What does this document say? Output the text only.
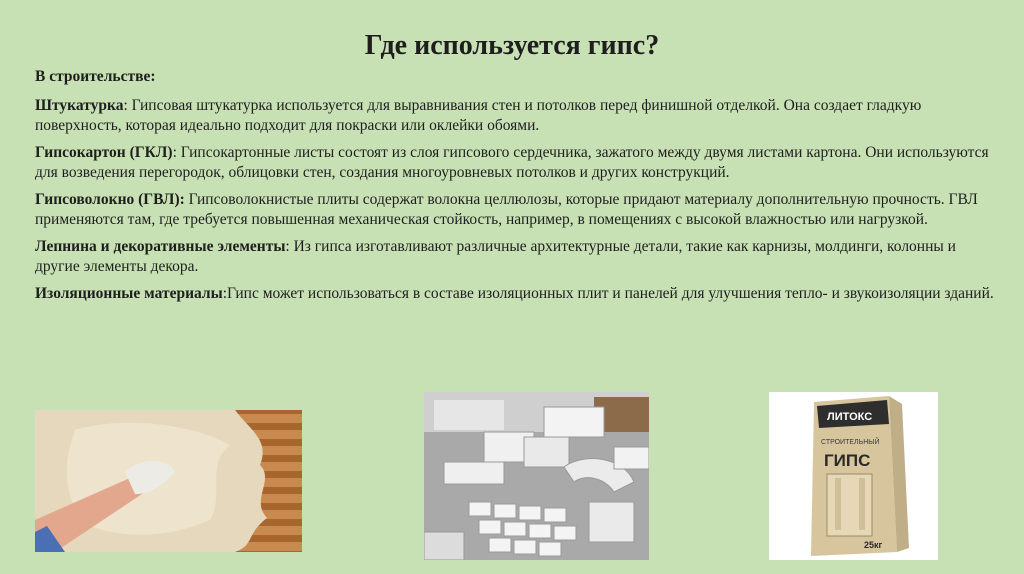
Где используется гипс?

В строительстве:

Штукатурка: Гипсовая штукатурка используется для выравнивания стен и потолков перед финишной отделкой. Она создает гладкую поверхность, которая идеально подходит для покраски или оклейки обоями.

Гипсокартон (ГКЛ): Гипсокартонные листы состоят из слоя гипсового сердечника, зажатого между двумя листами картона. Они используются для возведения перегородок, облицовки стен, создания многоуровневых потолков и других конструкций.

Гипсоволокно (ГВЛ): Гипсоволокнистые плиты содержат волокна целлюлозы, которые придают материалу дополнительную прочность. ГВЛ применяются там, где требуется повышенная механическая стойкость, например, в помещениях с высокой влажностью или нагрузкой.

Лепнина и декоративные элементы: Из гипса изготавливают различные архитектурные детали, такие как карнизы, молдинги, колонны и другие элементы декора.

Изоляционные материалы:Гипс может использоваться в составе изоляционных плит и панелей для улучшения тепло- и звукоизоляции зданий.

ЛИТОКС
СТРОИТЕЛЬНЫЙ
ГИПС
25кг
